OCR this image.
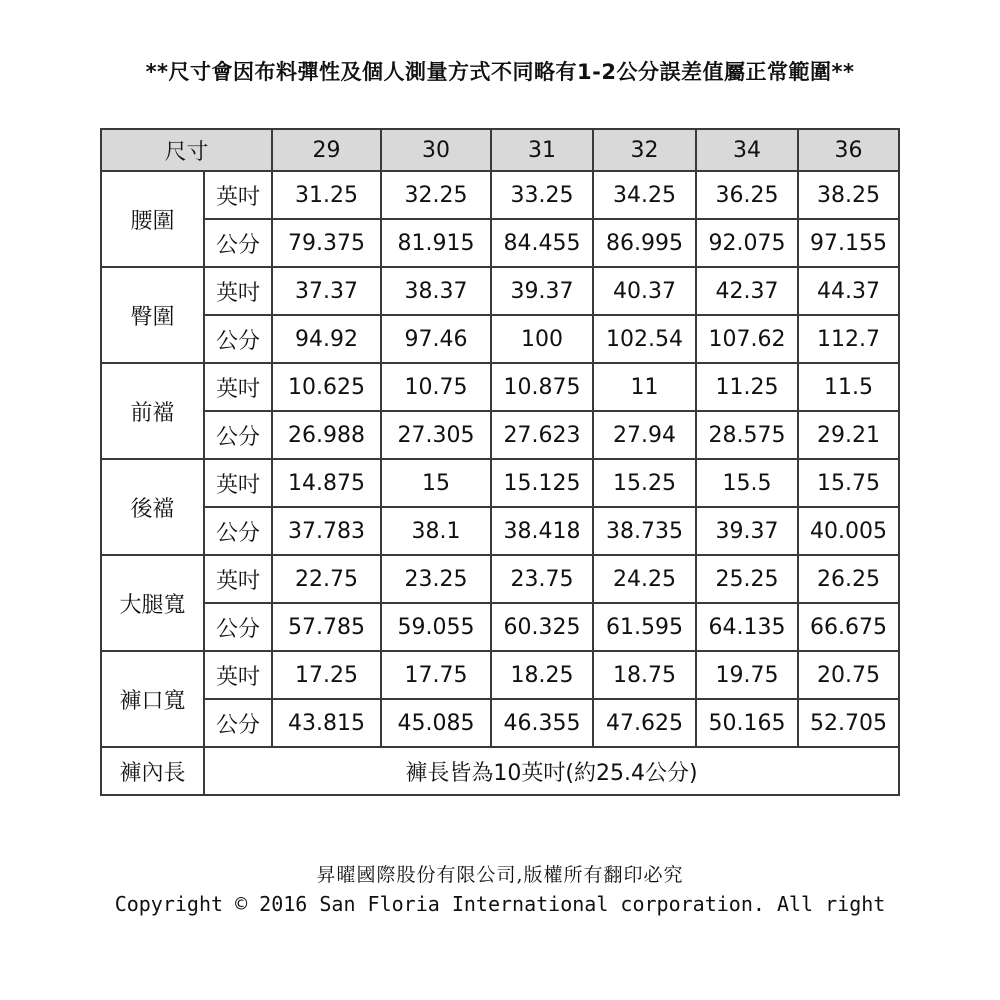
**尺寸會因布料彈性及個人測量方式不同略有1-2公分誤差值屬正常範圍**
尺寸		29	30	31	32	34	36
腰圍	英吋	31.25	32.25	33.25	34.25	36.25	38.25
	公分	79.375	81.915	84.455	86.995	92.075	97.155
臀圍	英吋	37.37	38.37	39.37	40.37	42.37	44.37
	公分	94.92	97.46	100	102.54	107.62	112.7
前襠	英吋	10.625	10.75	10.875	11	11.25	11.5
	公分	26.988	27.305	27.623	27.94	28.575	29.21
後襠	英吋	14.875	15	15.125	15.25	15.5	15.75
	公分	37.783	38.1	38.418	38.735	39.37	40.005
大腿寬	英吋	22.75	23.25	23.75	24.25	25.25	26.25
	公分	57.785	59.055	60.325	61.595	64.135	66.675
褲口寬	英吋	17.25	17.75	18.25	18.75	19.75	20.75
	公分	43.815	45.085	46.355	47.625	50.165	52.705
褲內長	褲長皆為10英吋(約25.4公分)						
昇曜國際股份有限公司,版權所有翻印必究
Copyright © 2016 San Floria International corporation. All right
